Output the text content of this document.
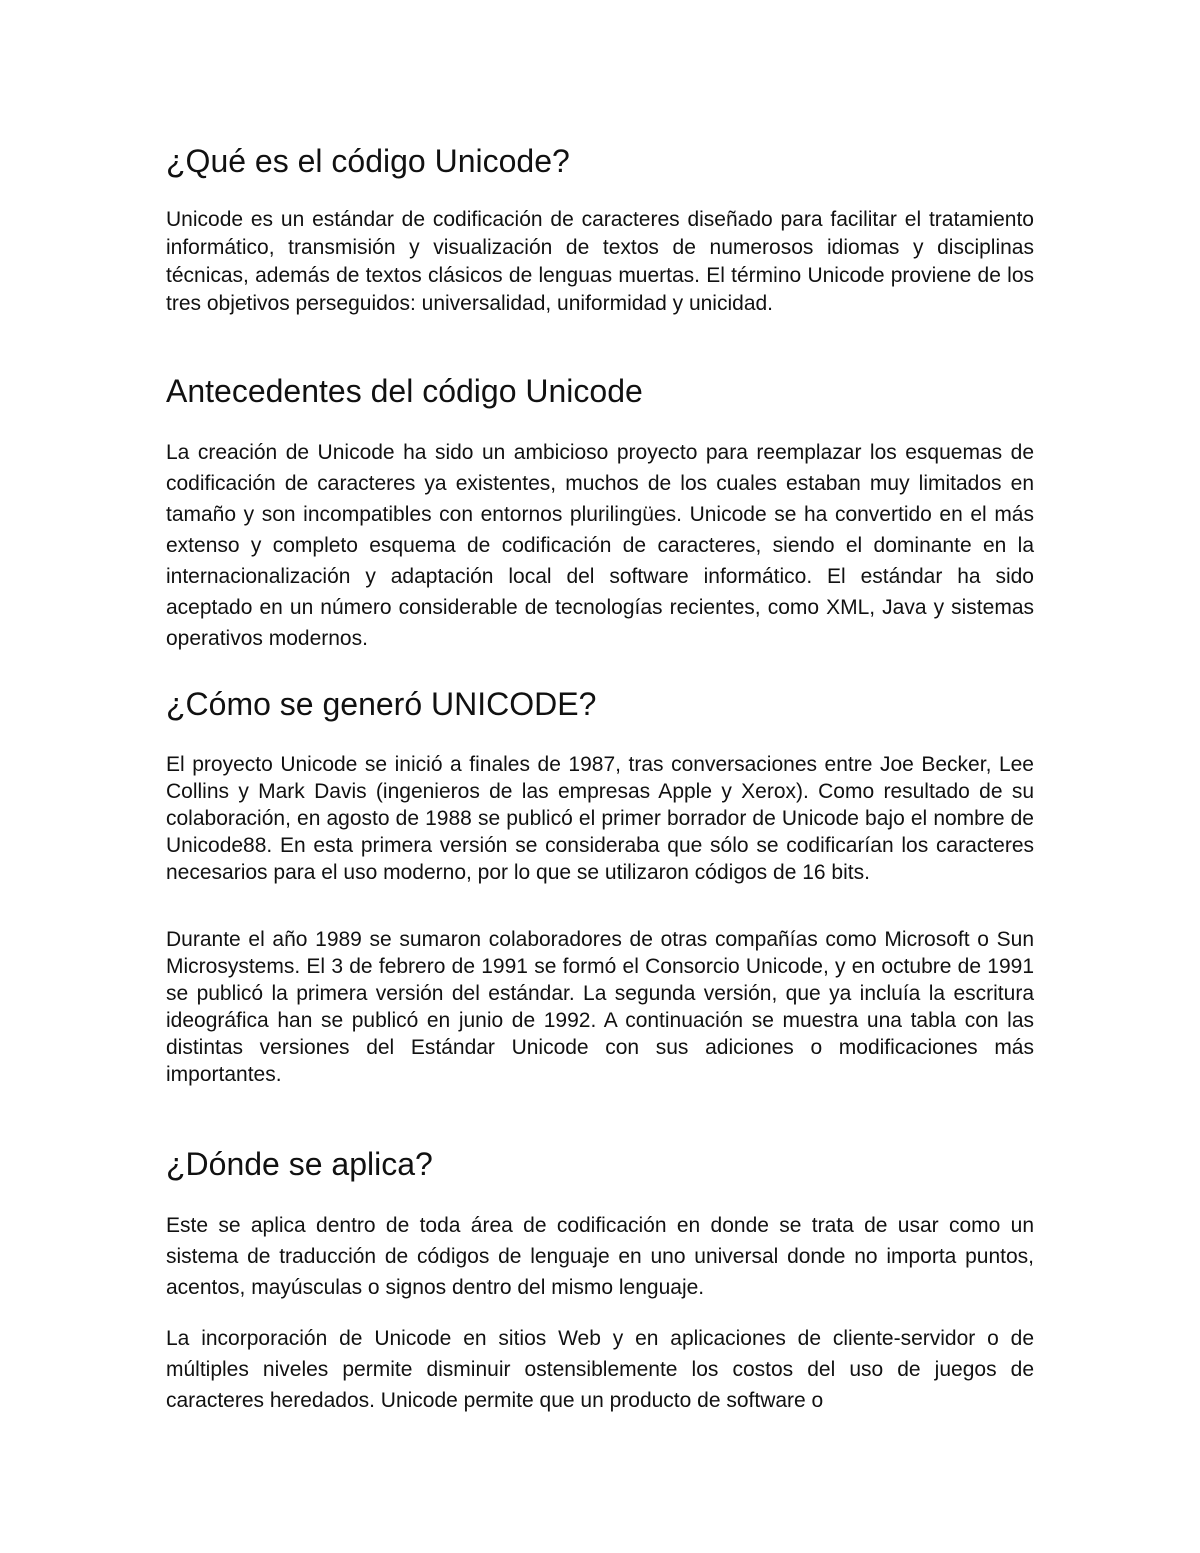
¿Qué es el código Unicode?

Unicode es un estándar de codificación de caracteres diseñado para facilitar el tratamiento informático, transmisión y visualización de textos de numerosos idiomas y disciplinas técnicas, además de textos clásicos de lenguas muertas. El término Unicode proviene de los tres objetivos perseguidos: universalidad, uniformidad y unicidad.

Antecedentes del código Unicode

La creación de Unicode ha sido un ambicioso proyecto para reemplazar los esquemas de codificación de caracteres ya existentes, muchos de los cuales estaban muy limitados en tamaño y son incompatibles con entornos plurilingües. Unicode se ha convertido en el más extenso y completo esquema de codificación de caracteres, siendo el dominante en la internacionalización y adaptación local del software informático. El estándar ha sido aceptado en un número considerable de tecnologías recientes, como XML, Java y sistemas operativos modernos.

¿Cómo se generó UNICODE?

El proyecto Unicode se inició a finales de 1987, tras conversaciones entre Joe Becker, Lee Collins y Mark Davis (ingenieros de las empresas Apple y Xerox). Como resultado de su colaboración, en agosto de 1988 se publicó el primer borrador de Unicode bajo el nombre de Unicode88. En esta primera versión se consideraba que sólo se codificarían los caracteres necesarios para el uso moderno, por lo que se utilizaron códigos de 16 bits.

Durante el año 1989 se sumaron colaboradores de otras compañías como Microsoft o Sun Microsystems. El 3 de febrero de 1991 se formó el Consorcio Unicode, y en octubre de 1991 se publicó la primera versión del estándar. La segunda versión, que ya incluía la escritura ideográfica han se publicó en junio de 1992. A continuación se muestra una tabla con las distintas versiones del Estándar Unicode con sus adiciones o modificaciones más importantes.

¿Dónde se aplica?

Este se aplica dentro de toda área de codificación en donde se trata de usar como un sistema de traducción de códigos de lenguaje en uno universal donde no importa puntos, acentos, mayúsculas o signos dentro del mismo lenguaje.

La incorporación de Unicode en sitios Web y en aplicaciones de cliente-servidor o de múltiples niveles permite disminuir ostensiblemente los costos del uso de juegos de caracteres heredados. Unicode permite que un producto de software o
